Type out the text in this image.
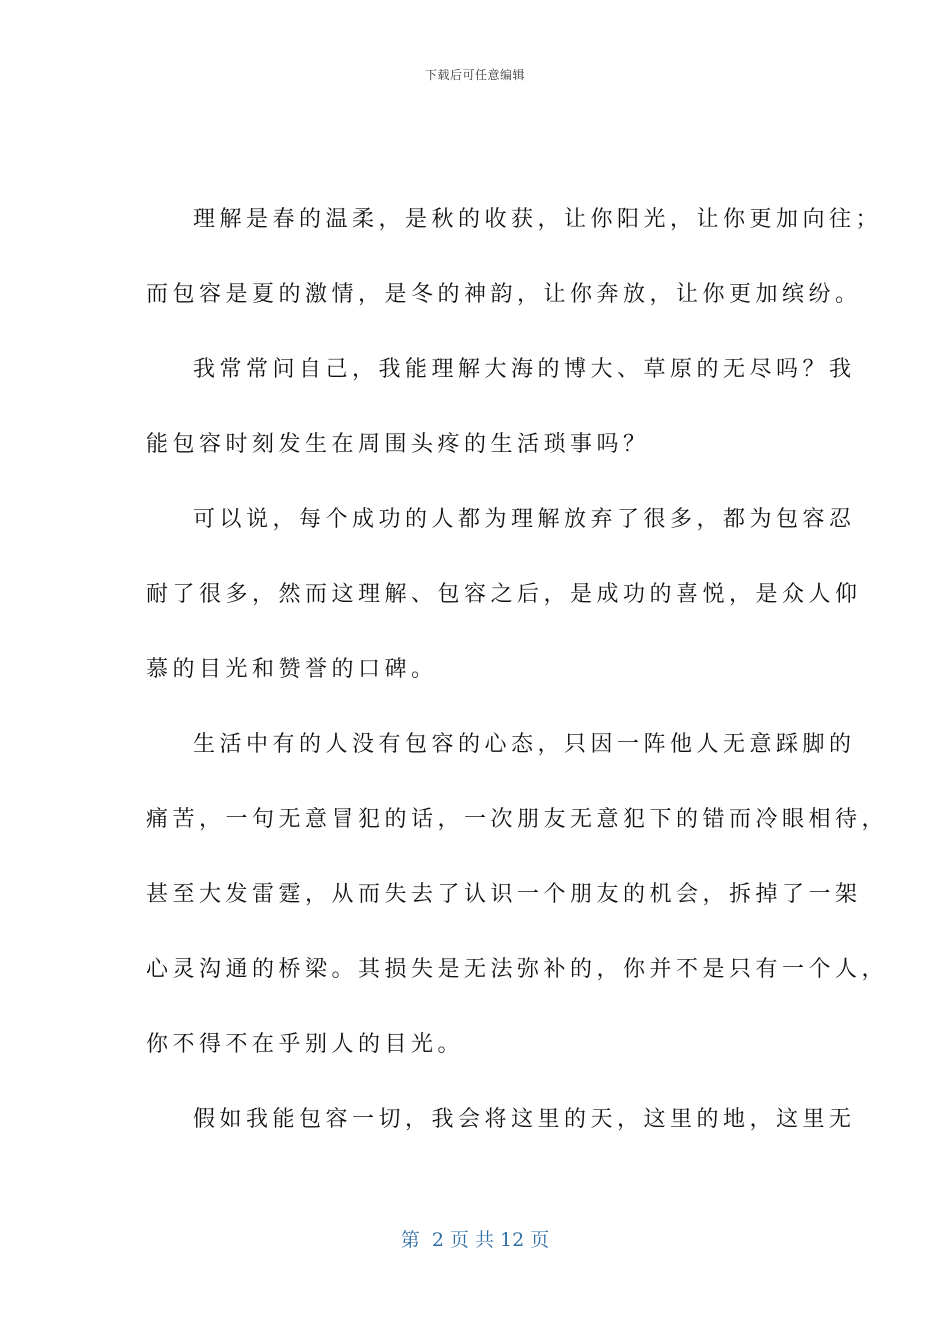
下载后可任意编辑
理解是春的温柔，是秋的收获，让你阳光，让你更加向往；
而包容是夏的激情，是冬的神韵，让你奔放，让你更加缤纷。
我常常问自己，我能理解大海的博大、草原的无尽吗？我
能包容时刻发生在周围头疼的生活琐事吗？
可以说，每个成功的人都为理解放弃了很多，都为包容忍
耐了很多，然而这理解、包容之后，是成功的喜悦，是众人仰
慕的目光和赞誉的口碑。
生活中有的人没有包容的心态，只因一阵他人无意踩脚的
痛苦，一句无意冒犯的话，一次朋友无意犯下的错而冷眼相待，
甚至大发雷霆，从而失去了认识一个朋友的机会，拆掉了一架
心灵沟通的桥梁。其损失是无法弥补的，你并不是只有一个人，
你不得不在乎别人的目光。
假如我能包容一切，我会将这里的天，这里的地，这里无
第  2 页 共 12 页
